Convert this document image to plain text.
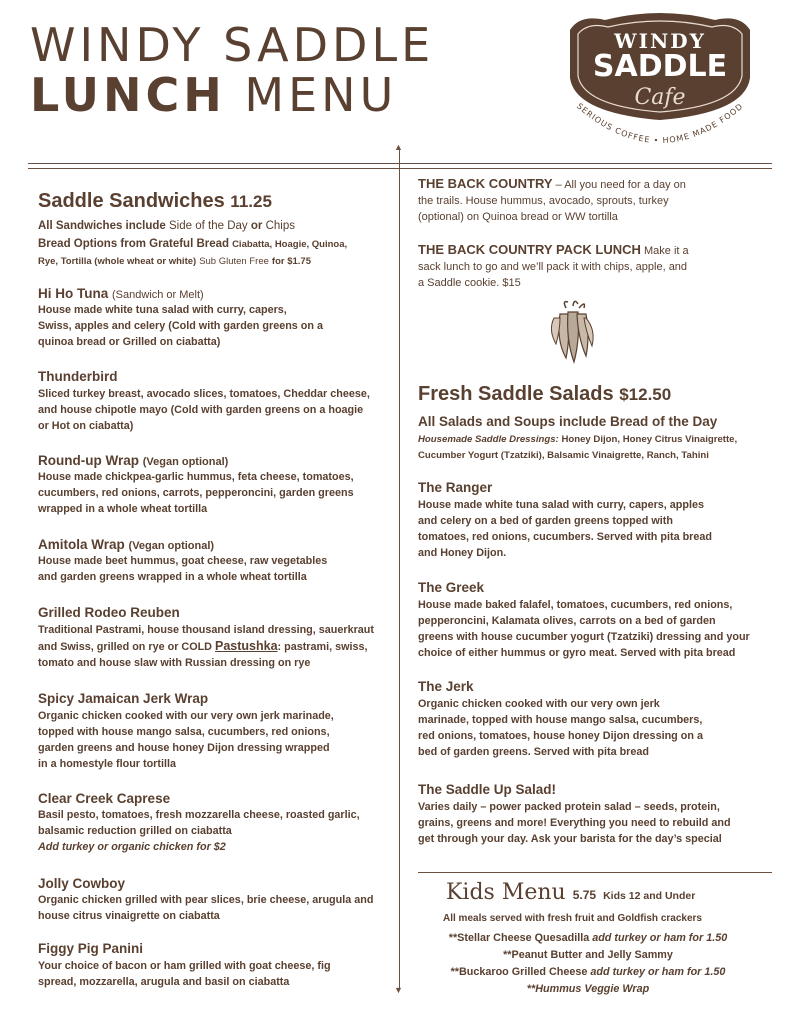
WINDY SADDLE
LUNCH MENU
WINDY
SADDLE
Cafe
SERIOUS COFFEE • HOME MADE FOOD
▲
▼
Saddle Sandwiches 11.25
All Sandwiches include Side of the Day or Chips
Bread Options from Grateful Bread Ciabatta, Hoagie, Quinoa,
Rye, Tortilla (whole wheat or white) Sub Gluten Free for $1.75
Hi Ho Tuna (Sandwich or Melt)
House made white tuna salad with curry, capers,
Swiss, apples and celery (Cold with garden greens on a
quinoa bread or Grilled on ciabatta)
Thunderbird
Sliced turkey breast, avocado slices, tomatoes, Cheddar cheese,
and house chipotle mayo (Cold with garden greens on a hoagie
or Hot on ciabatta)
Round-up Wrap (Vegan optional)
House made chickpea-garlic hummus, feta cheese, tomatoes,
cucumbers, red onions, carrots, pepperoncini, garden greens
wrapped in a whole wheat tortilla
Amitola Wrap (Vegan optional)
House made beet hummus, goat cheese, raw vegetables
and garden greens wrapped in a whole wheat tortilla
Grilled Rodeo Reuben
Traditional Pastrami, house thousand island dressing, sauerkraut
and Swiss, grilled on rye or COLD Pastushka: pastrami, swiss,
tomato and house slaw with Russian dressing on rye
Spicy Jamaican Jerk Wrap
Organic chicken cooked with our very own jerk marinade,
topped with house mango salsa, cucumbers, red onions,
garden greens and house honey Dijon dressing wrapped
in a homestyle flour tortilla
Clear Creek Caprese
Basil pesto, tomatoes, fresh mozzarella cheese, roasted garlic,
balsamic reduction grilled on ciabatta
Add turkey or organic chicken for $2
Jolly Cowboy
Organic chicken grilled with pear slices, brie cheese, arugula and
house citrus vinaigrette on ciabatta
Figgy Pig Panini
Your choice of bacon or ham grilled with goat cheese, fig
spread, mozzarella, arugula and basil on ciabatta
THE BACK COUNTRY – All you need for a day on
the trails. House hummus, avocado, sprouts, turkey
(optional) on Quinoa bread or WW tortilla
THE BACK COUNTRY PACK LUNCH Make it a
sack lunch to go and we’ll pack it with chips, apple, and
a Saddle cookie. $15
Fresh Saddle Salads $12.50
All Salads and Soups include Bread of the Day
Housemade Saddle Dressings: Honey Dijon, Honey Citrus Vinaigrette,
Cucumber Yogurt (Tzatziki), Balsamic Vinaigrette, Ranch, Tahini
The Ranger
House made white tuna salad with curry, capers, apples
and celery on a bed of garden greens topped with
tomatoes, red onions, cucumbers. Served with pita bread
and Honey Dijon.
The Greek
House made baked falafel, tomatoes, cucumbers, red onions,
pepperoncini, Kalamata olives, carrots on a bed of garden
greens with house cucumber yogurt (Tzatziki) dressing and your
choice of either hummus or gyro meat. Served with pita bread
The Jerk
Organic chicken cooked with our very own jerk
marinade, topped with house mango salsa, cucumbers,
red onions, tomatoes, house honey Dijon dressing on a
bed of garden greens. Served with pita bread
The Saddle Up Salad!
Varies daily – power packed protein salad – seeds, protein,
grains, greens and more! Everything you need to rebuild and
get through your day. Ask your barista for the day’s special
Kids Menu 5.75 Kids 12 and Under
All meals served with fresh fruit and Goldfish crackers
**Stellar Cheese Quesadilla add turkey or ham for 1.50
**Peanut Butter and Jelly Sammy
**Buckaroo Grilled Cheese add turkey or ham for 1.50
**Hummus Veggie Wrap
